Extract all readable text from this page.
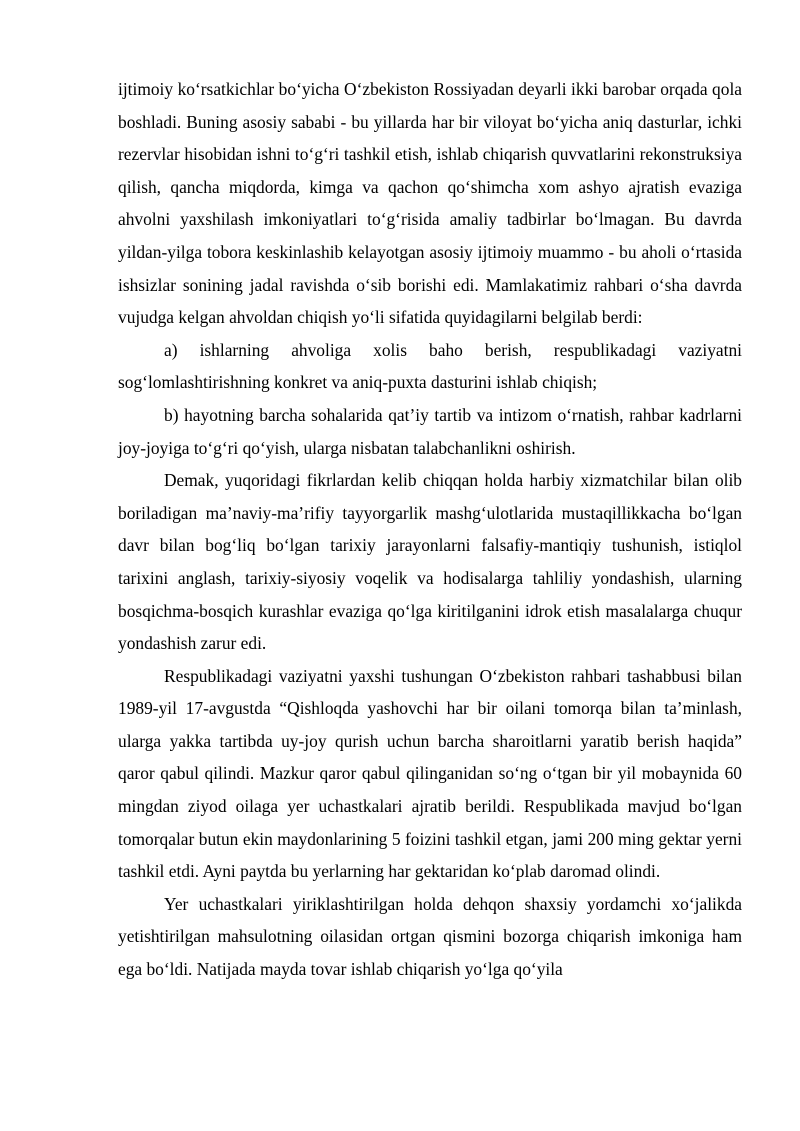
ijtimoiy ko‘rsatkichlar bo‘yicha O‘zbekiston Rossiyadan deyarli ikki barobar orqada qola boshladi. Buning asosiy sababi - bu yillarda har bir viloyat bo‘yicha aniq dasturlar, ichki rezervlar hisobidan ishni to‘g‘ri tashkil etish, ishlab chiqarish quvvatlarini rekonstruksiya qilish, qancha miqdorda, kimga va qachon qo‘shimcha xom ashyo ajratish evaziga ahvolni yaxshilash imkoniyatlari to‘g‘risida amaliy tadbirlar bo‘lmagan. Bu davrda yildan-yilga tobora keskinlashib kelayotgan asosiy ijtimoiy muammo - bu aholi o‘rtasida ishsizlar sonining jadal ravishda o‘sib borishi edi. Mamlakatimiz rahbari o‘sha davrda vujudga kelgan ahvoldan chiqish yo‘li sifatida quyidagilarni belgilab berdi:

a) ishlarning ahvoliga xolis baho berish, respublikadagi vaziyatni sog‘lomlashtirishning konkret va aniq-puxta dasturini ishlab chiqish;

b) hayotning barcha sohalarida qat’iy tartib va intizom o‘rnatish, rahbar kadrlarni joy-joyiga to‘g‘ri qo‘yish, ularga nisbatan talabchanlikni oshirish.

Demak, yuqoridagi fikrlardan kelib chiqqan holda harbiy xizmatchilar bilan olib boriladigan ma’naviy-ma’rifiy tayyorgarlik mashg‘ulotlarida mustaqillikkacha bo‘lgan davr bilan bog‘liq bo‘lgan tarixiy jarayonlarni falsafiy-mantiqiy tushunish, istiqlol tarixini anglash, tarixiy-siyosiy voqelik va hodisalarga tahliliy yondashish, ularning bosqichma-bosqich kurashlar evaziga qo‘lga kiritilganini idrok etish masalalarga chuqur yondashish zarur edi.

Respublikadagi vaziyatni yaxshi tushungan O‘zbekiston rahbari tashabbusi bilan 1989-yil 17-avgustda “Qishloqda yashovchi har bir oilani tomorqa bilan ta’minlash, ularga yakka tartibda uy-joy qurish uchun barcha sharoitlarni yaratib berish haqida” qaror qabul qilindi. Mazkur qaror qabul qilinganidan so‘ng o‘tgan bir yil mobaynida 60 mingdan ziyod oilaga yer uchastkalari ajratib berildi. Respublikada mavjud bo‘lgan tomorqalar butun ekin maydonlarining 5 foizini tashkil etgan, jami 200 ming gektar yerni tashkil etdi. Ayni paytda bu yerlarning har gektaridan ko‘plab daromad olindi.

Yer uchastkalari yiriklashtirilgan holda dehqon shaxsiy yordamchi xo‘jalikda yetishtirilgan mahsulotning oilasidan ortgan qismini bozorga chiqarish imkoniga ham ega bo‘ldi. Natijada mayda tovar ishlab chiqarish yo‘lga qo‘yila
